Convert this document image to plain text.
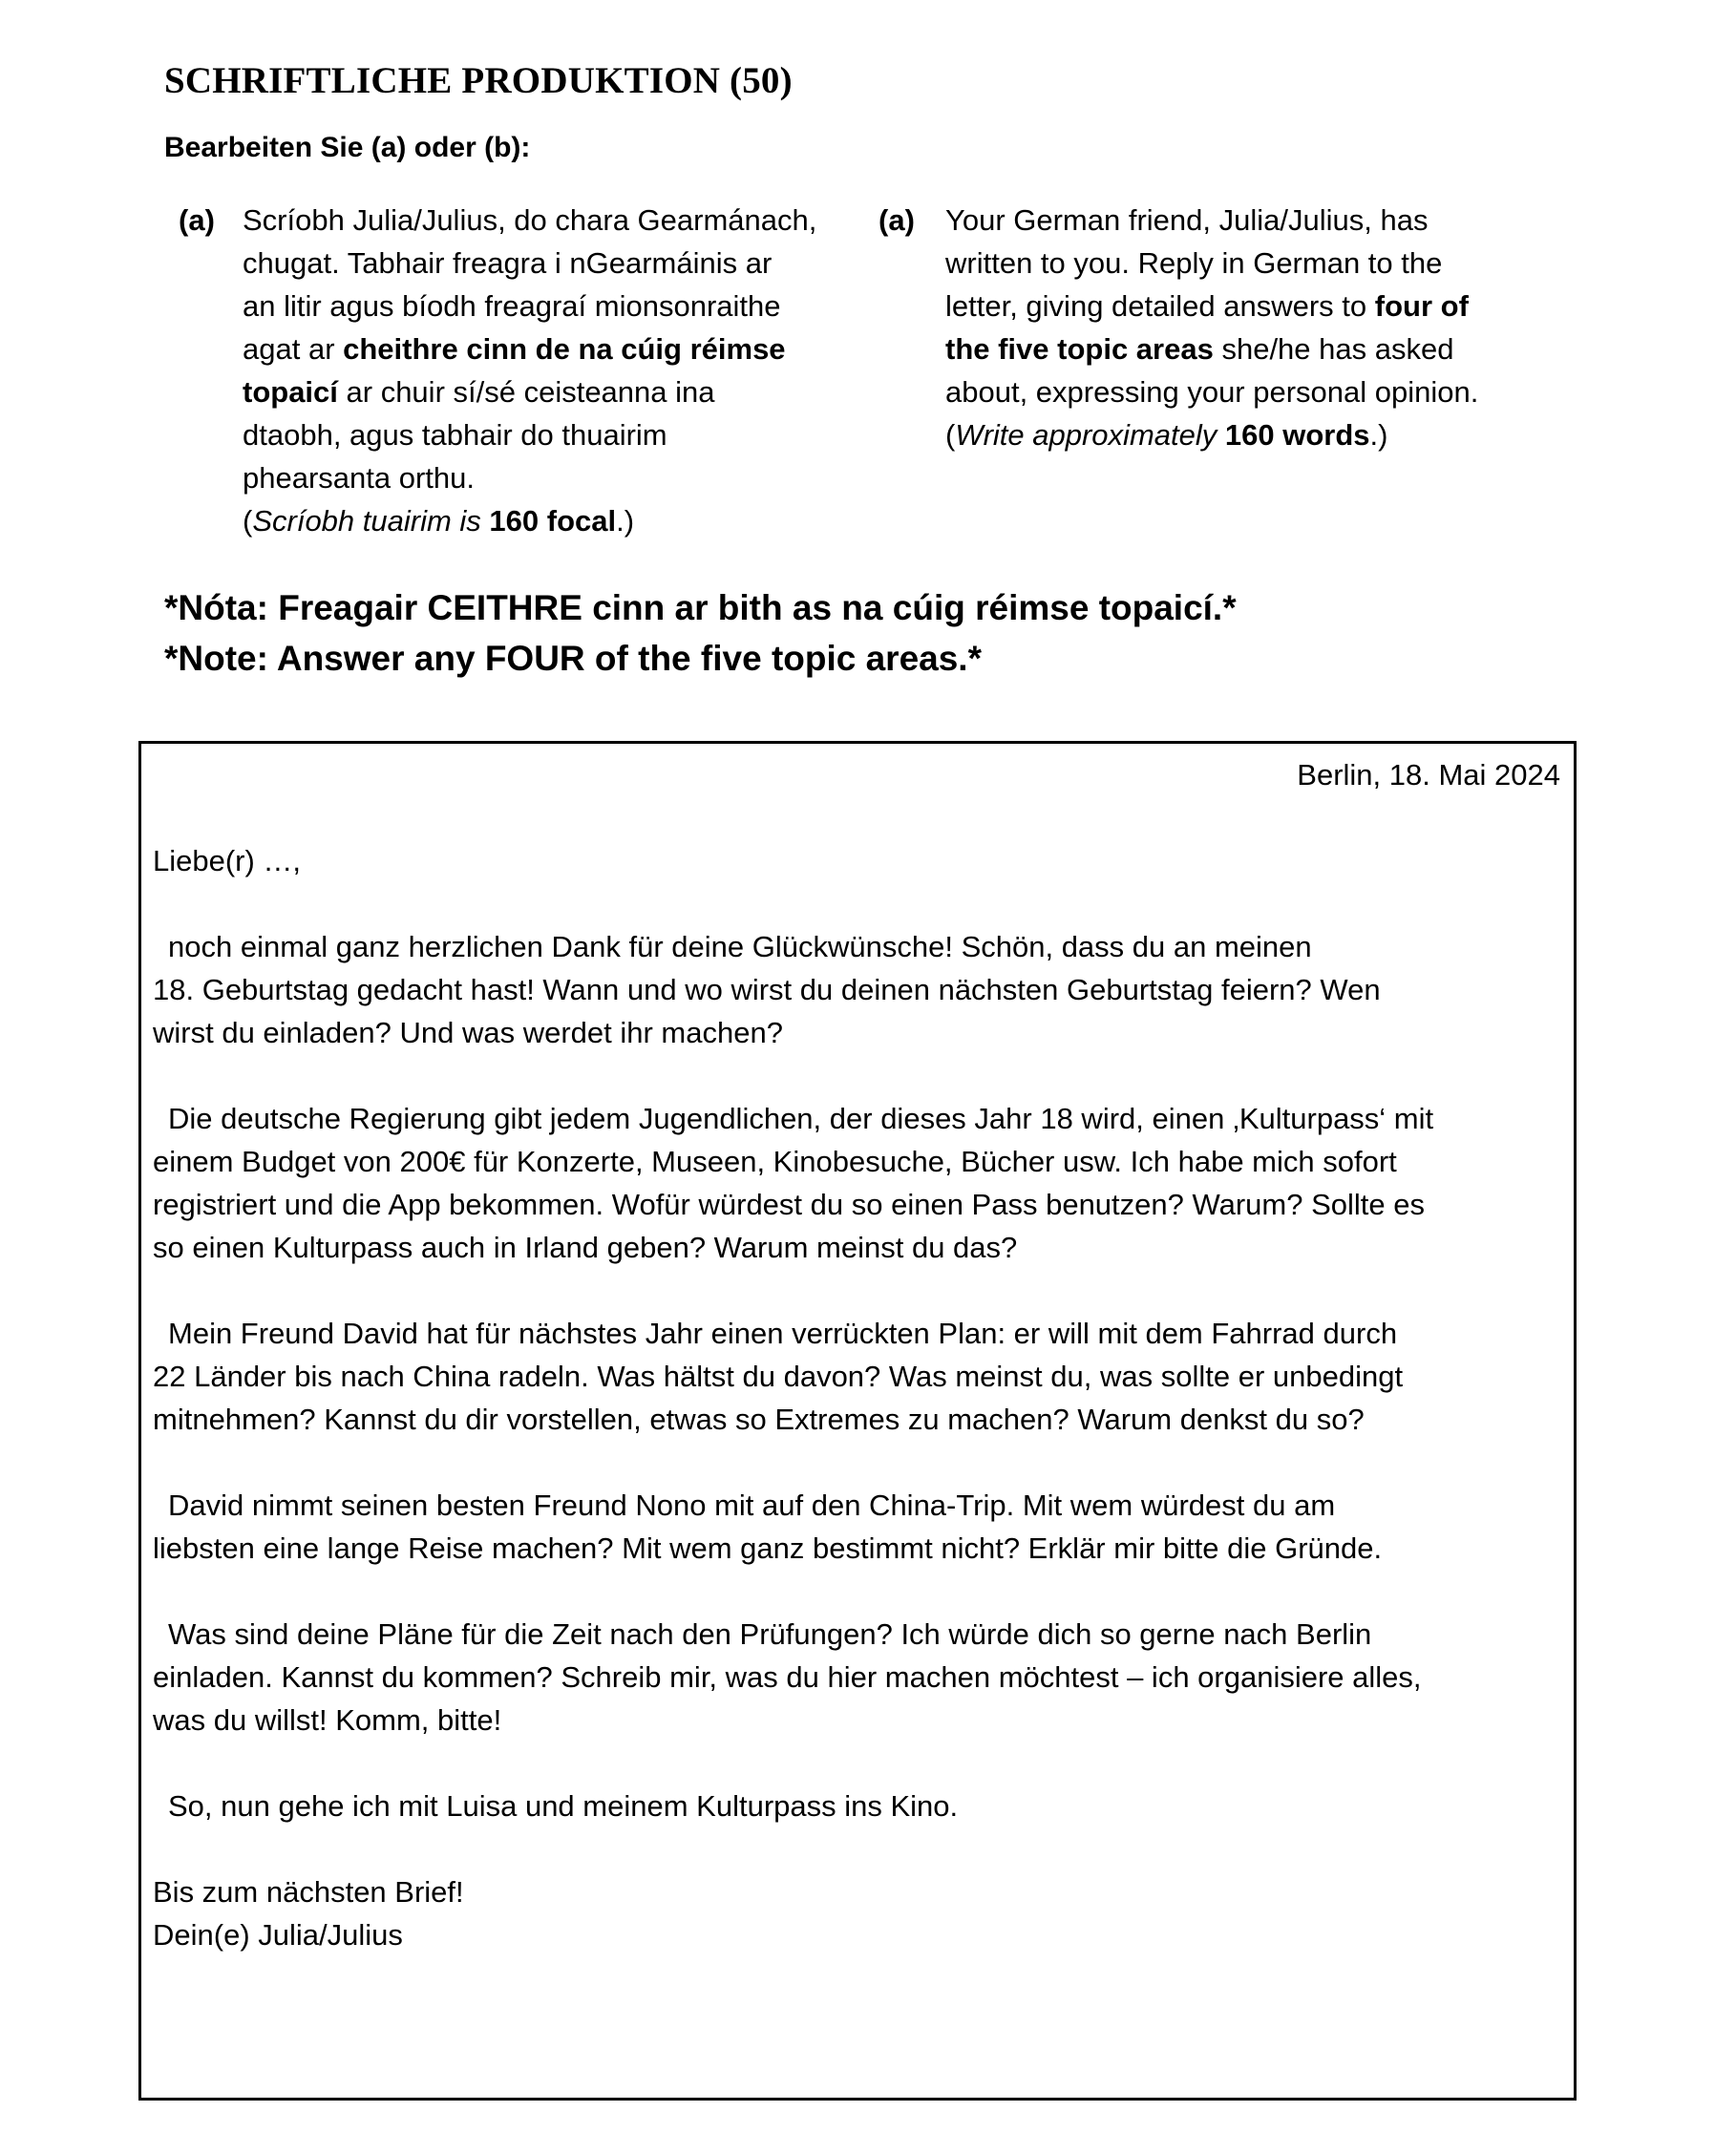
SCHRIFTLICHE PRODUKTION (50)

Bearbeiten Sie (a) oder (b):

(a) Scríobh Julia/Julius, do chara Gearmánach,
chugat. Tabhair freagra i nGearmáinis ar
an litir agus bíodh freagraí mionsonraithe
agat ar cheithre cinn de na cúig réimse
topaicí ar chuir sí/sé ceisteanna ina
dtaobh, agus tabhair do thuairim
phearsanta orthu.
(Scríobh tuairim is 160 focal.)

(a) Your German friend, Julia/Julius, has
written to you. Reply in German to the
letter, giving detailed answers to four of
the five topic areas she/he has asked
about, expressing your personal opinion.
(Write approximately 160 words.)

*Nóta: Freagair CEITHRE cinn ar bith as na cúig réimse topaicí.*
*Note: Answer any FOUR of the five topic areas.*

Berlin, 18. Mai 2024

Liebe(r) …,

noch einmal ganz herzlichen Dank für deine Glückwünsche! Schön, dass du an meinen
18. Geburtstag gedacht hast! Wann und wo wirst du deinen nächsten Geburtstag feiern? Wen
wirst du einladen? Und was werdet ihr machen?
Die deutsche Regierung gibt jedem Jugendlichen, der dieses Jahr 18 wird, einen ‚Kulturpass‘ mit
einem Budget von 200€ für Konzerte, Museen, Kinobesuche, Bücher usw. Ich habe mich sofort
registriert und die App bekommen. Wofür würdest du so einen Pass benutzen? Warum? Sollte es
so einen Kulturpass auch in Irland geben? Warum meinst du das?
Mein Freund David hat für nächstes Jahr einen verrückten Plan: er will mit dem Fahrrad durch
22 Länder bis nach China radeln. Was hältst du davon? Was meinst du, was sollte er unbedingt
mitnehmen? Kannst du dir vorstellen, etwas so Extremes zu machen? Warum denkst du so?
David nimmt seinen besten Freund Nono mit auf den China-Trip. Mit wem würdest du am
liebsten eine lange Reise machen? Mit wem ganz bestimmt nicht? Erklär mir bitte die Gründe.
Was sind deine Pläne für die Zeit nach den Prüfungen? Ich würde dich so gerne nach Berlin
einladen. Kannst du kommen? Schreib mir, was du hier machen möchtest – ich organisiere alles,
was du willst! Komm, bitte!
So, nun gehe ich mit Luisa und meinem Kulturpass ins Kino.
Bis zum nächsten Brief!
Dein(e) Julia/Julius
